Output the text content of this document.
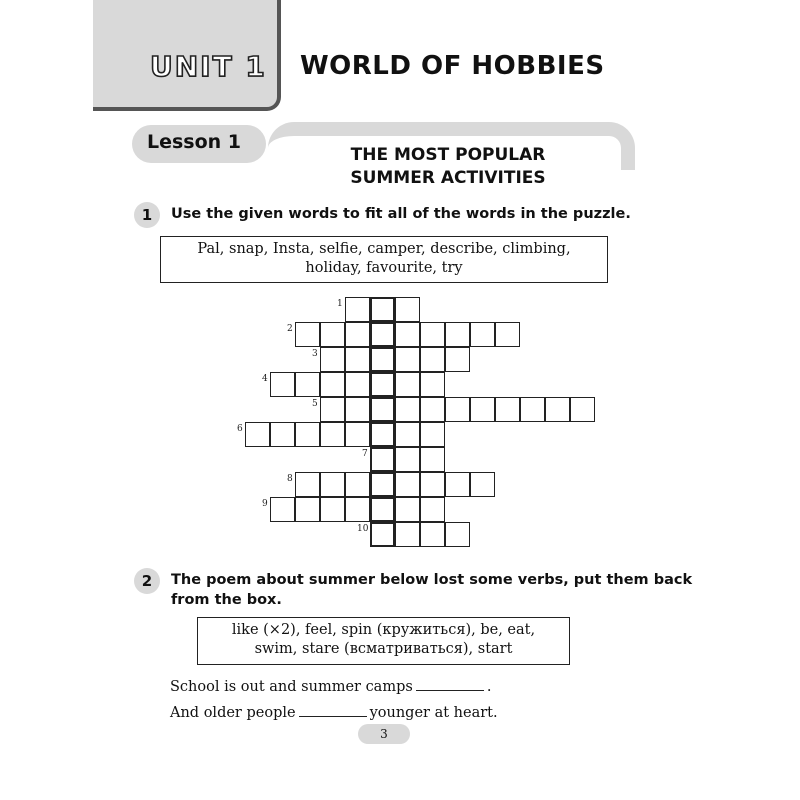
UNIT 1 WORLD OF HOBBIES
Lesson 1
THE MOST POPULAR
SUMMER ACTIVITIES
1	Use the given words to fit all of the words in the puzzle.
Pal, snap, Insta, selfie, camper, describe, climbing,
holiday, favourite, try
1
2
3
4
5
6
7
8
9
10
2	The poem about summer below lost some verbs, put them back
from the box.
like (×2), feel, spin (кружиться), be, eat,
swim, stare (всматриваться), start
School is out and summer camps	.
And older people	younger at heart.
3
